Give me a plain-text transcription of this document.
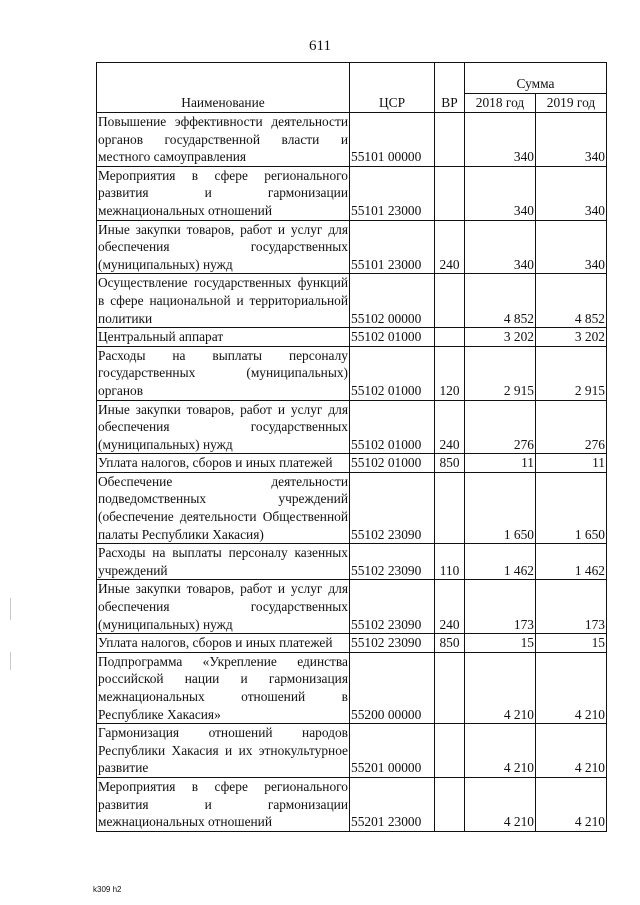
611
Наименование	ЦСР	ВР	Сумма	
			2018 год	2019 год
Повышение эффективности деятельности органов государственной власти и местного самоуправления	55101 00000		340	340
Мероприятия в сфере регионального развития и гармонизации межнациональных отношений	55101 23000		340	340
Иные закупки товаров, работ и услуг для обеспечения государственных (муниципальных) нужд	55101 23000	240	340	340
Осуществление государственных функций в сфере национальной и территориальной политики	55102 00000		4 852	4 852
Центральный аппарат	55102 01000		3 202	3 202
Расходы на выплаты персоналу государственных (муниципальных) органов	55102 01000	120	2 915	2 915
Иные закупки товаров, работ и услуг для обеспечения государственных (муниципальных) нужд	55102 01000	240	276	276
Уплата налогов, сборов и иных платежей	55102 01000	850	11	11
Обеспечение деятельности подведомственных учреждений (обеспечение деятельности Общественной палаты Республики Хакасия)	55102 23090		1 650	1 650
Расходы на выплаты персоналу казенных учреждений	55102 23090	110	1 462	1 462
Иные закупки товаров, работ и услуг для обеспечения государственных (муниципальных) нужд	55102 23090	240	173	173
Уплата налогов, сборов и иных платежей	55102 23090	850	15	15
Подпрограмма «Укрепление единства российской нации и гармонизация межнациональных отношений в Республике Хакасия»	55200 00000		4 210	4 210
Гармонизация отношений народов Республики Хакасия и их этнокультурное развитие	55201 00000		4 210	4 210
Мероприятия в сфере регионального развития и гармонизации межнациональных отношений	55201 23000		4 210	4 210
k309 h2
